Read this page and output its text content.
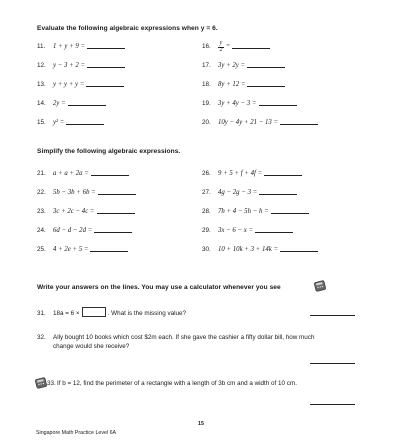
Evaluate the following algebraic expressions when y = 6.
11. 1 + y + 9 =
12. y − 3 + 2 =
13. y + y + y =
14. 2y =
15. y² =
16. $\frac{y}{2}$ =
17. 3y + 2y =
18. 8y + 12 =
19. 3y + 4y − 3 =
20. 10y − 4y + 21 − 13 =
Simplify the following algebraic expressions.
21. a + a + 2a =
22. 5b − 3b + 6b =
23. 3c + 2c − 4c =
24. 6d − d − 2d =
25. 4 + 2e + 5 =
26. 9 + 5 + f + 4f =
27. 4g − 2g − 3 =
28. 7h + 4 − 5h − h =
29. 3x − 6 − x =
30. 10 + 10k + 3 + 14k =
Write your answers on the lines. You may use a calculator whenever you see
31. 18a = 6 ×	. What is the missing value?
32. Ally bought 10 books which cost $2m each. If she gave the cashier a fifty dollar bill, how much
change would she receive?
33.If b = 12, find the perimeter of a rectangle with a length of 3b cm and a width of 10 cm.
15
Singapore Math Practice Level 6A
